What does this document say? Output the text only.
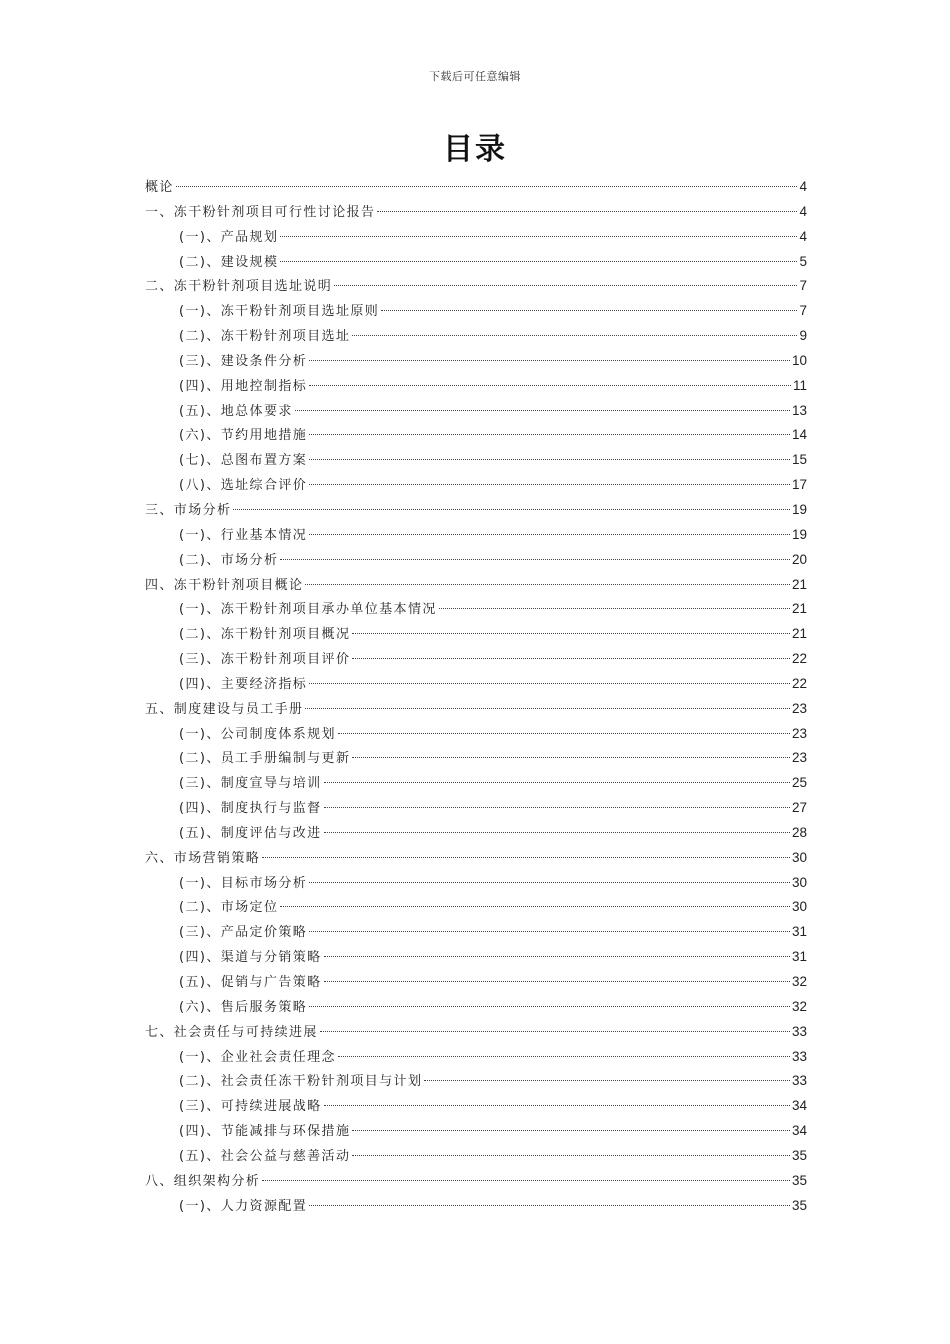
下载后可任意编辑
目录
概论	4
一、冻干粉针剂项目可行性讨论报告	4
(一)、产品规划	4
(二)、建设规模	5
二、冻干粉针剂项目选址说明	7
(一)、冻干粉针剂项目选址原则	7
(二)、冻干粉针剂项目选址	9
(三)、建设条件分析	10
(四)、用地控制指标	11
(五)、地总体要求	13
(六)、节约用地措施	14
(七)、总图布置方案	15
(八)、选址综合评价	17
三、市场分析	19
(一)、行业基本情况	19
(二)、市场分析	20
四、冻干粉针剂项目概论	21
(一)、冻干粉针剂项目承办单位基本情况	21
(二)、冻干粉针剂项目概况	21
(三)、冻干粉针剂项目评价	22
(四)、主要经济指标	22
五、制度建设与员工手册	23
(一)、公司制度体系规划	23
(二)、员工手册编制与更新	23
(三)、制度宣导与培训	25
(四)、制度执行与监督	27
(五)、制度评估与改进	28
六、市场营销策略	30
(一)、目标市场分析	30
(二)、市场定位	30
(三)、产品定价策略	31
(四)、渠道与分销策略	31
(五)、促销与广告策略	32
(六)、售后服务策略	32
七、社会责任与可持续进展	33
(一)、企业社会责任理念	33
(二)、社会责任冻干粉针剂项目与计划	33
(三)、可持续进展战略	34
(四)、节能减排与环保措施	34
(五)、社会公益与慈善活动	35
八、组织架构分析	35
(一)、人力资源配置	35
